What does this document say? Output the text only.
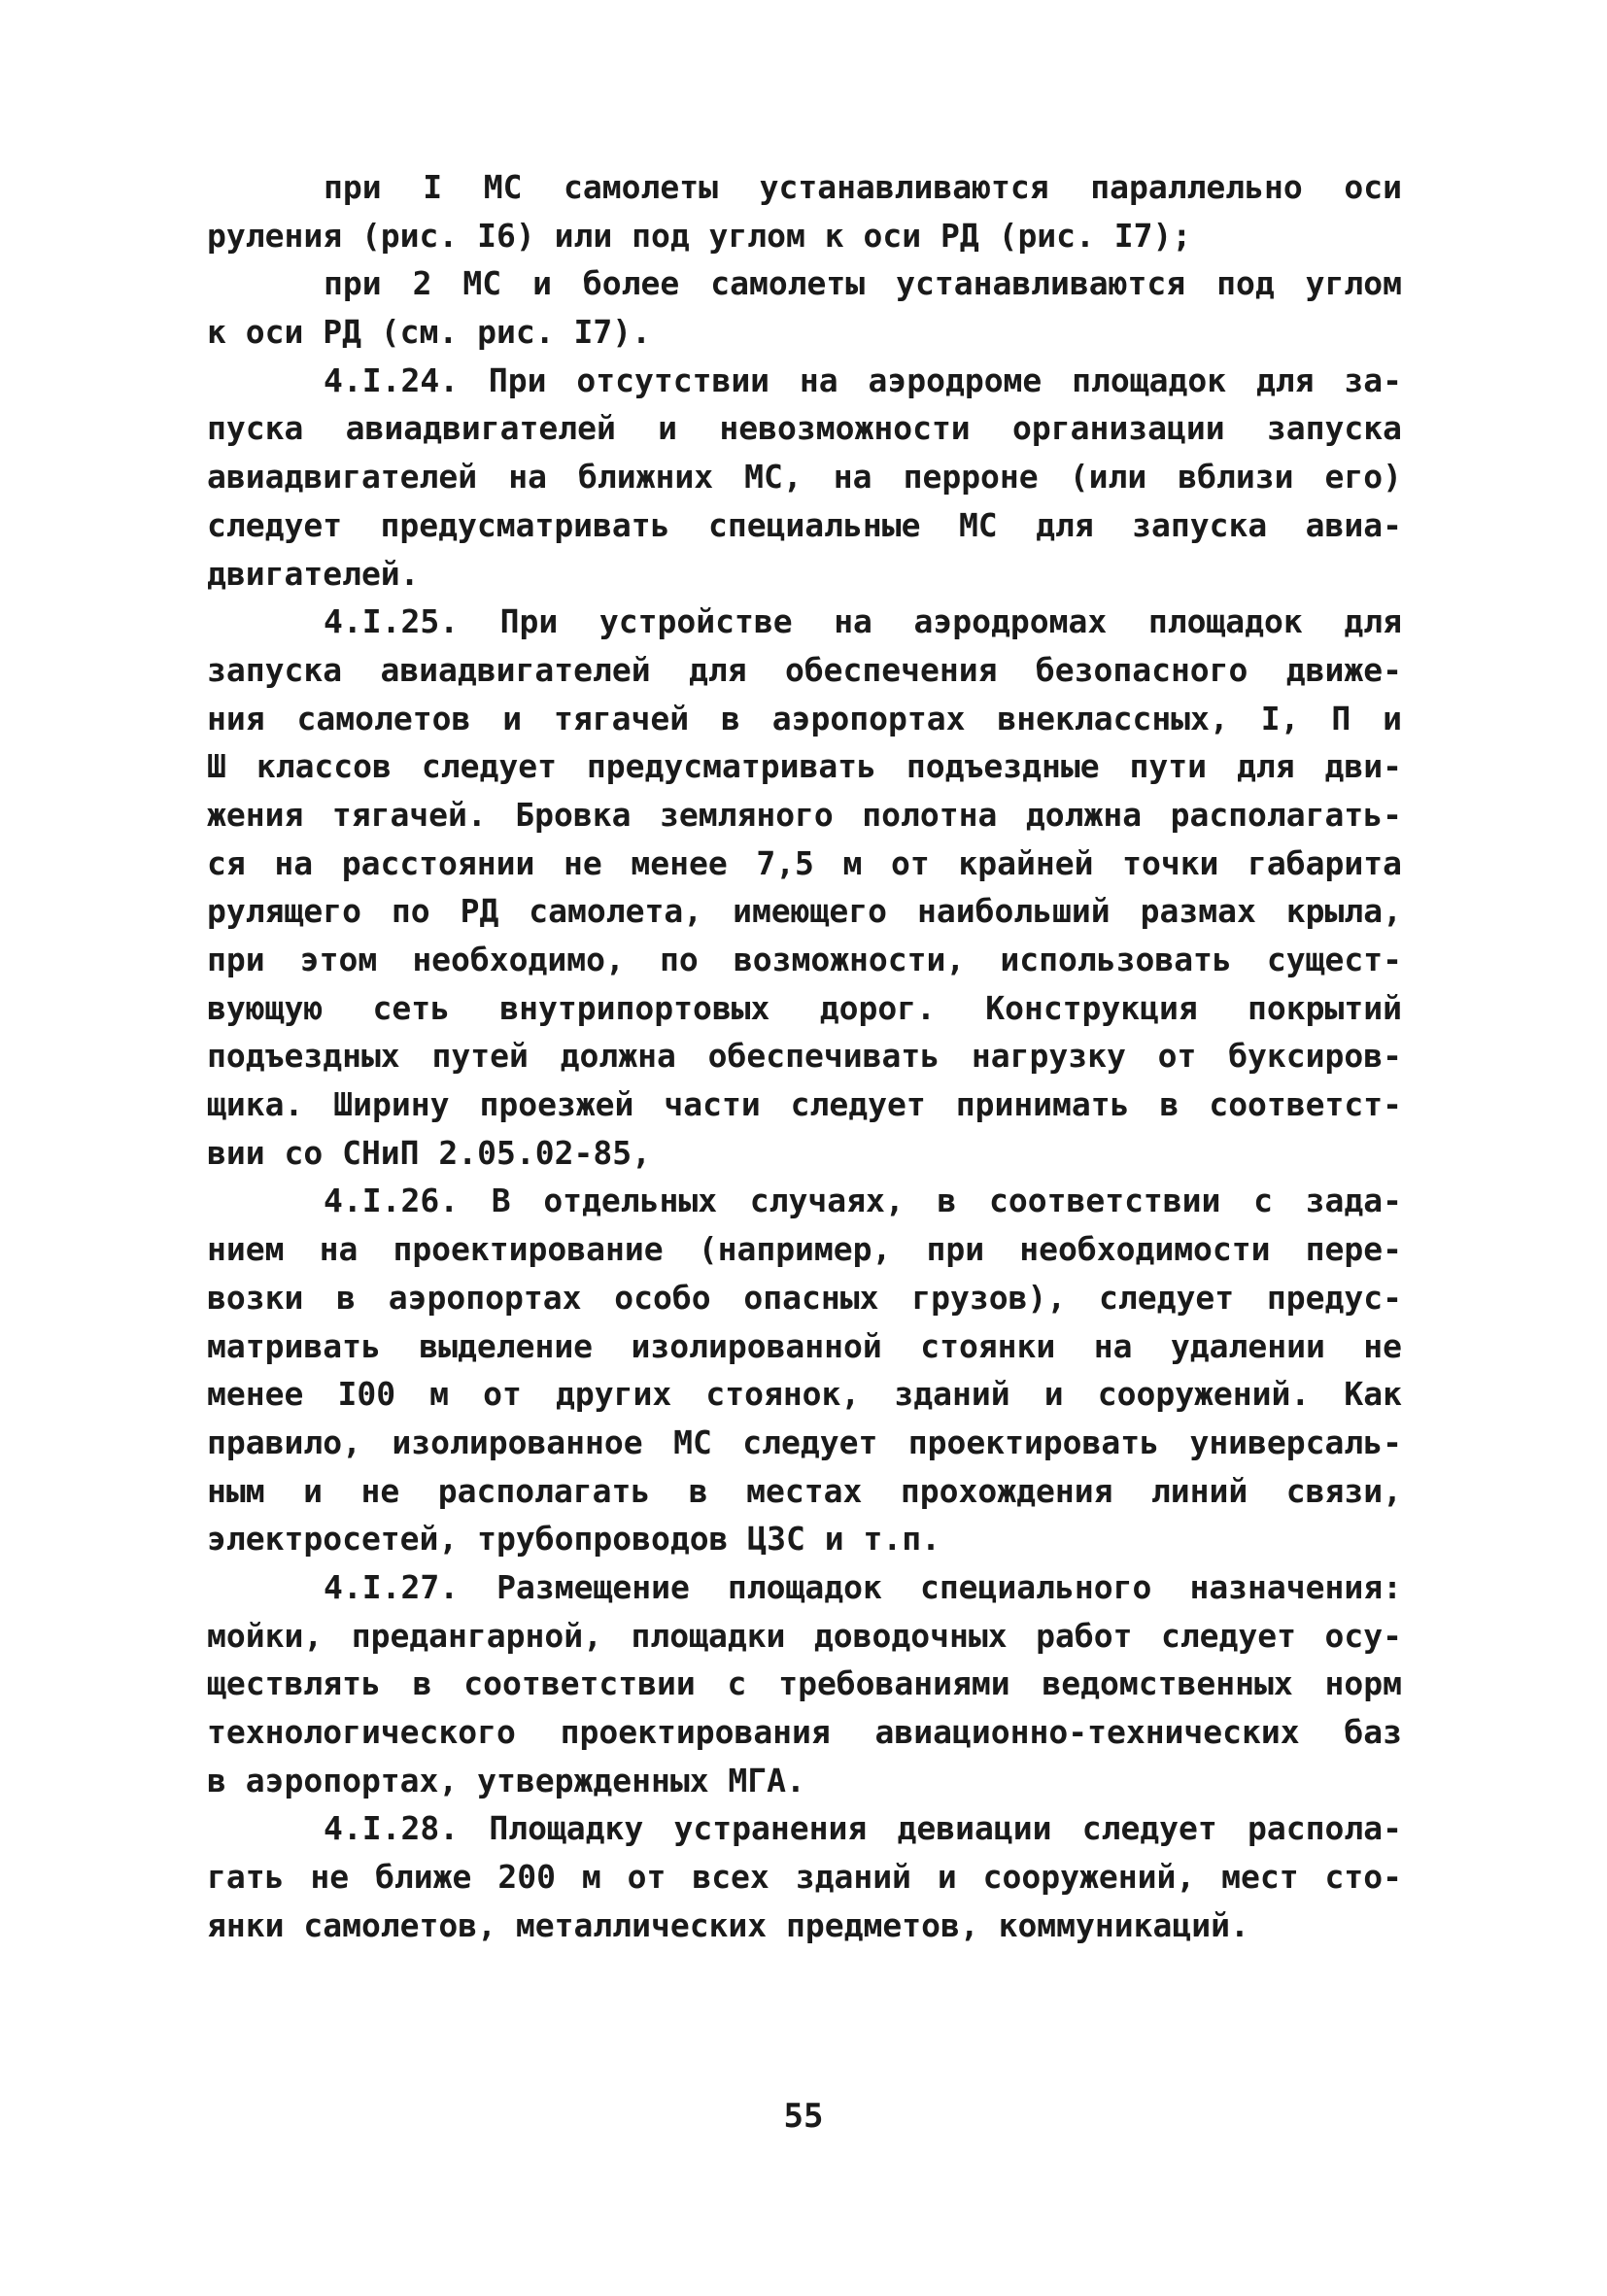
при I МС самолеты устанавливаются параллельно оси
руления (рис. I6) или под углом к оси РД (рис. I7);
при 2 МС и более самолеты устанавливаются под углом
к оси РД (см. рис. I7).
4.I.24. При отсутствии на аэродроме площадок для за-
пуска авиадвигателей и невозможности организации запуска
авиадвигателей на ближних МС, на перроне (или вблизи его)
следует предусматривать специальные МС для запуска авиа-
двигателей.
4.I.25. При устройстве на аэродромах площадок для
запуска авиадвигателей для обеспечения безопасного движе-
ния самолетов и тягачей в аэропортах внеклассных, I, П и
Ш классов следует предусматривать подъездные пути для дви-
жения тягачей. Бровка земляного полотна должна располагать-
ся на расстоянии не менее 7,5 м от крайней точки габарита
рулящего по РД самолета, имеющего наибольший размах крыла,
при этом необходимо, по возможности, использовать сущест-
вующую сеть внутрипортовых дорог. Конструкция покрытий
подъездных путей должна обеспечивать нагрузку от буксиров-
щика. Ширину проезжей части следует принимать в соответст-
вии со СНиП 2.05.02-85,
4.I.26. В отдельных случаях, в соответствии с зада-
нием на проектирование (например, при необходимости пере-
возки в аэропортах особо опасных грузов), следует предус-
матривать выделение изолированной стоянки на удалении не
менее I00 м от других стоянок, зданий и сооружений. Как
правило, изолированное МС следует проектировать универсаль-
ным и не располагать в местах прохождения линий связи,
электросетей, трубопроводов ЦЗС и т.п.
4.I.27. Размещение площадок специального назначения:
мойки, предангарной, площадки доводочных работ следует осу-
ществлять в соответствии с требованиями ведомственных норм
технологического проектирования авиационно-технических баз
в аэропортах, утвержденных МГА.
4.I.28. Площадку устранения девиации следует распола-
гать не ближе 200 м от всех зданий и сооружений, мест сто-
янки самолетов, металлических предметов, коммуникаций.
55
